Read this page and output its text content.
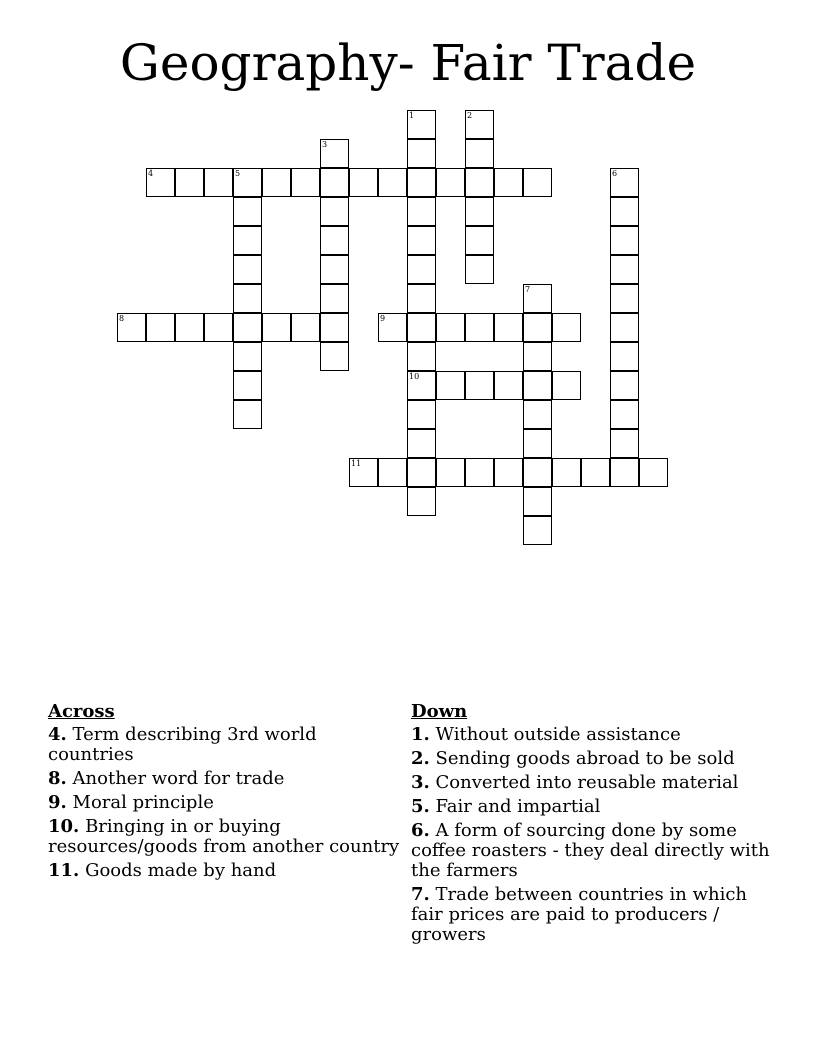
Geography- Fair Trade
4	5
8	9
10
11
1	2
3
6
7
Across
4. Term describing 3rd world countries
8. Another word for trade
9. Moral principle
10. Bringing in or buying resources/goods from another country
11. Goods made by hand
Down
1. Without outside assistance
2. Sending goods abroad to be sold
3. Converted into reusable material
5. Fair and impartial
6. A form of sourcing done by some coffee roasters - they deal directly with the farmers
7. Trade between countries in which fair prices are paid to producers / growers
